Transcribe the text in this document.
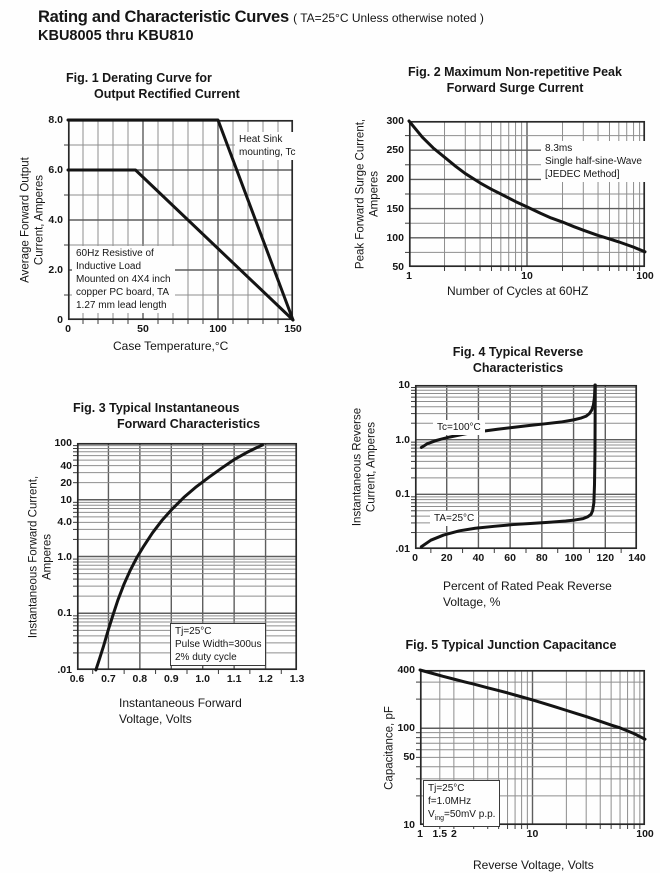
Rating and Characteristic Curves ( TA=25°C Unless otherwise noted )
KBU8005 thru KBU810
Fig. 1 Derating Curve for
Output Rectified Current
Average Forward Output Current, Amperes
Case Temperature,°C
Heat Sink
mounting, Tc
60Hz Resistive of
Inductive Load
Mounted on 4X4 inch
copper PC board, TA
1.27 mm lead length
0	50	100	150
8.0
6.0
4.0
2.0
0
Fig. 2 Maximum Non-repetitive Peak
Forward Surge Current
Peak Forward Surge Current, Amperes
Number of Cycles at 60HZ
8.3ms
Single half-sine-Wave
[JEDEC Method]
1	10	100
300
250
200
150
100
50
Fig. 3 Typical Instantaneous
Forward Characteristics
Instantaneous Forward Current, Amperes
Instantaneous Forward
Voltage, Volts
Tj=25°C
Pulse Width=300us
2% duty cycle
0.6 0.7 0.8 0.9 1.0 1.1 1.2 1.3
100
40
20
10
4.0
1.0
0.1
.01
Fig. 4 Typical Reverse
Characteristics
Instantaneous Reverse Current, Amperes
Percent of Rated Peak Reverse
Voltage, %
Tc=100°C
TA=25°C
0 20 40 60 80 100 120 140
10
1.0
0.1
.01
Fig. 5 Typical Junction Capacitance
Capacitance, pF
Reverse Voltage, Volts
Tj=25°C
f=1.0MHz
$V_{ing}=50mV$ p.p.
1 1.5 2	10	100
400
100
50
10
